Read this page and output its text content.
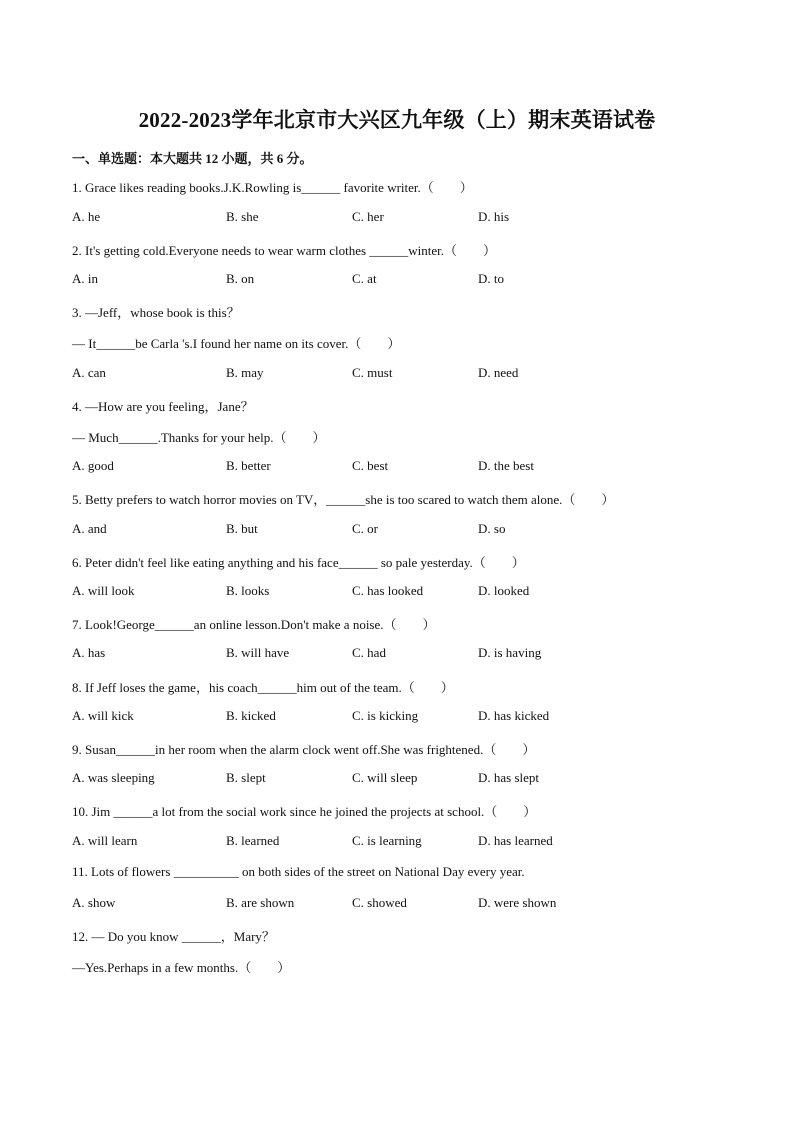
2022-2023学年北京市大兴区九年级（上）期末英语试卷
一、单选题：本大题共 12 小题，共 6 分。
1. Grace likes reading books.J.K.Rowling is______ favorite writer.（　　）
A. he	B. she	C. her	D. his
2. It's getting cold.Everyone needs to wear warm clothes ______winter.（　　）
A. in	B. on	C. at	D. to
3. —Jeff，whose book is this？
— It______be Carla 's.I found her name on its cover.（　　）
A. can	B. may	C. must	D. need
4. —How are you feeling，Jane？
— Much______.Thanks for your help.（　　）
A. good	B. better	C. best	D. the best
5. Betty prefers to watch horror movies on TV，______she is too scared to watch them alone.（　　）
A. and	B. but	C. or	D. so
6. Peter didn't feel like eating anything and his face______ so pale yesterday.（　　）
A. will look	B. looks	C. has looked	D. looked
7. Look!George______an online lesson.Don't make a noise.（　　）
A. has	B. will have	C. had	D. is having
8. If Jeff loses the game，his coach______him out of the team.（　　）
A. will kick	B. kicked	C. is kicking	D. has kicked
9. Susan______in her room when the alarm clock went off.She was frightened.（　　）
A. was sleeping	B. slept	C. will sleep	D. has slept
10. Jim ______a lot from the social work since he joined the projects at school.（　　）
A. will learn	B. learned	C. is learning	D. has learned
11. Lots of flowers __________ on both sides of the street on National Day every year.
A. show	B. are shown	C. showed	D. were shown
12. — Do you know ______，Mary？
—Yes.Perhaps in a few months.（　　）
